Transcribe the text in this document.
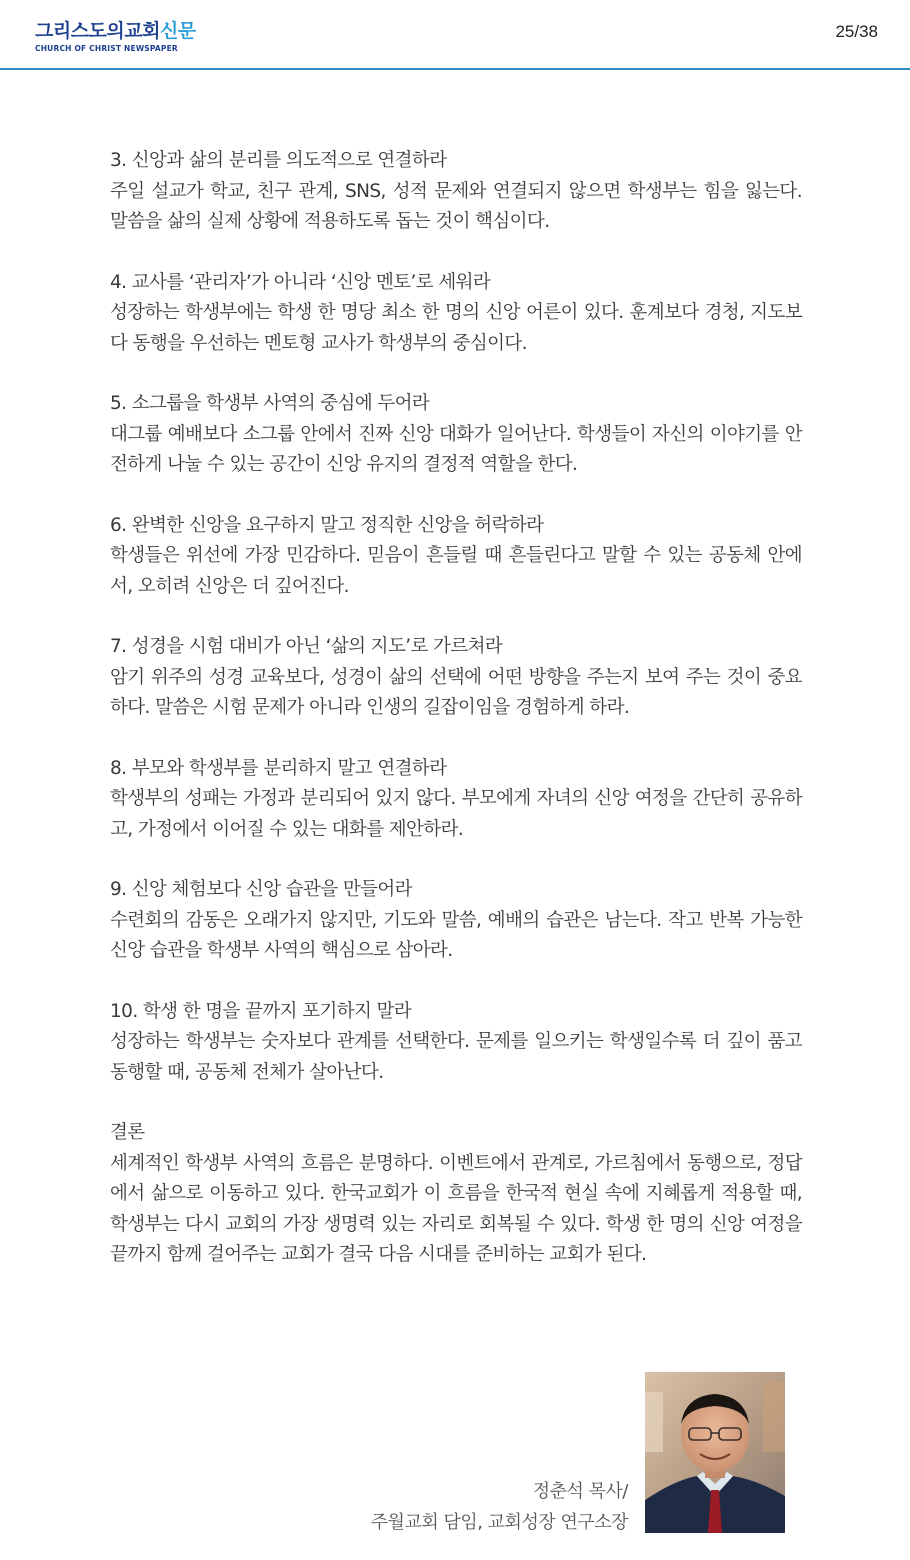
그리스도의교회신문
CHURCH OF CHRIST NEWSPAPER
25/38

3. 신앙과 삶의 분리를 의도적으로 연결하라

주일 설교가 학교, 친구 관계, SNS, 성적 문제와 연결되지 않으면 학생부는 힘을 잃는다. 말씀을 삶의 실제 상황에 적용하도록 돕는 것이 핵심이다.

4. 교사를 ‘관리자’가 아니라 ‘신앙 멘토’로 세워라

성장하는 학생부에는 학생 한 명당 최소 한 명의 신앙 어른이 있다. 훈계보다 경청, 지도보다 동행을 우선하는 멘토형 교사가 학생부의 중심이다.

5. 소그룹을 학생부 사역의 중심에 두어라

대그룹 예배보다 소그룹 안에서 진짜 신앙 대화가 일어난다. 학생들이 자신의 이야기를 안전하게 나눌 수 있는 공간이 신앙 유지의 결정적 역할을 한다.

6. 완벽한 신앙을 요구하지 말고 정직한 신앙을 허락하라

학생들은 위선에 가장 민감하다. 믿음이 흔들릴 때 흔들린다고 말할 수 있는 공동체 안에서, 오히려 신앙은 더 깊어진다.

7. 성경을 시험 대비가 아닌 ‘삶의 지도’로 가르쳐라

암기 위주의 성경 교육보다, 성경이 삶의 선택에 어떤 방향을 주는지 보여 주는 것이 중요하다. 말씀은 시험 문제가 아니라 인생의 길잡이임을 경험하게 하라.

8. 부모와 학생부를 분리하지 말고 연결하라

학생부의 성패는 가정과 분리되어 있지 않다. 부모에게 자녀의 신앙 여정을 간단히 공유하고, 가정에서 이어질 수 있는 대화를 제안하라.

9. 신앙 체험보다 신앙 습관을 만들어라

수련회의 감동은 오래가지 않지만, 기도와 말씀, 예배의 습관은 남는다. 작고 반복 가능한 신앙 습관을 학생부 사역의 핵심으로 삼아라.

10. 학생 한 명을 끝까지 포기하지 말라

성장하는 학생부는 숫자보다 관계를 선택한다. 문제를 일으키는 학생일수록 더 깊이 품고 동행할 때, 공동체 전체가 살아난다.

결론

세계적인 학생부 사역의 흐름은 분명하다. 이벤트에서 관계로, 가르침에서 동행으로, 정답에서 삶으로 이동하고 있다. 한국교회가 이 흐름을 한국적 현실 속에 지혜롭게 적용할 때, 학생부는 다시 교회의 가장 생명력 있는 자리로 회복될 수 있다. 학생 한 명의 신앙 여정을 끝까지 함께 걸어주는 교회가 결국 다음 시대를 준비하는 교회가 된다.

정춘석 목사/
주월교회 담임, 교회성장 연구소장
